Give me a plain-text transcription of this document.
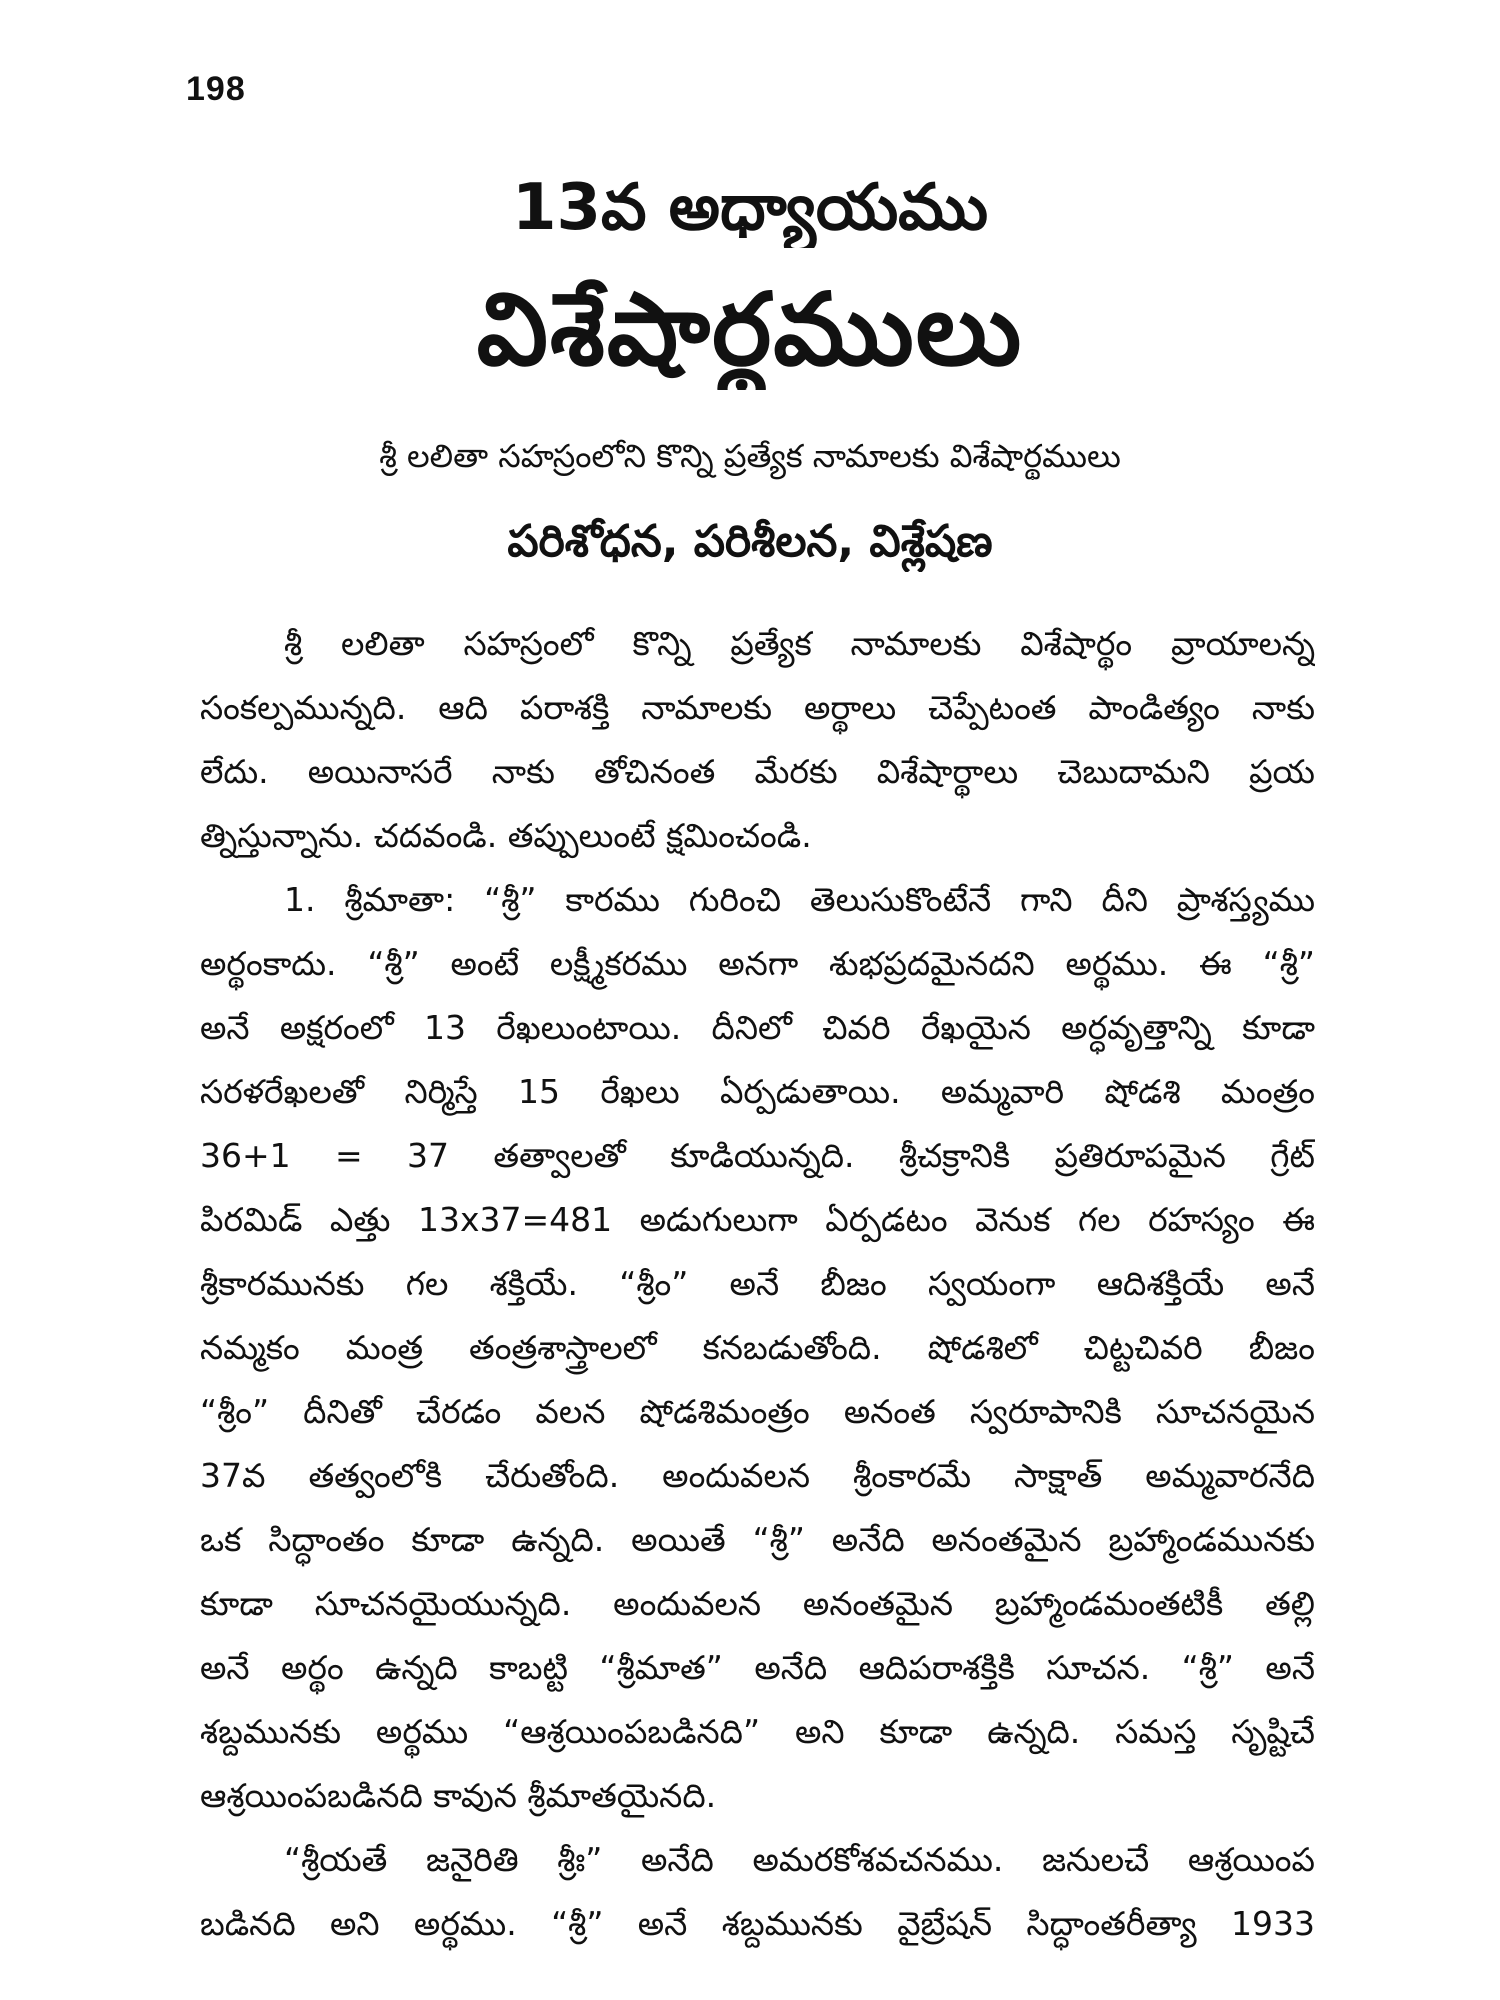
198
13వ అధ్యాయము
విశేషార్థములు
శ్రీ లలితా సహస్రంలోని కొన్ని ప్రత్యేక నామాలకు విశేషార్థములు
పరిశోధన, పరిశీలన, విశ్లేషణ
శ్రీ లలితా సహస్రంలో కొన్ని ప్రత్యేక నామాలకు విశేషార్థం వ్రాయాలన్న
సంకల్పమున్నది. ఆది పరాశక్తి నామాలకు అర్థాలు చెప్పేటంత పాండిత్యం నాకు
లేదు. అయినాసరే నాకు తోచినంత మేరకు విశేషార్థాలు చెబుదామని ప్రయ
త్నిస్తున్నాను. చదవండి. తప్పులుంటే క్షమించండి.
1. శ్రీమాతా: “శ్రీ” కారము గురించి తెలుసుకొంటేనే గాని దీని ప్రాశస్త్యము
అర్థంకాదు. “శ్రీ” అంటే లక్ష్మీకరము అనగా శుభప్రదమైనదని అర్థము. ఈ “శ్రీ”
అనే అక్షరంలో 13 రేఖలుంటాయి. దీనిలో చివరి రేఖయైన అర్ధవృత్తాన్ని కూడా
సరళరేఖలతో నిర్మిస్తే 15 రేఖలు ఏర్పడుతాయి. అమ్మవారి షోడశి మంత్రం
36+1 = 37 తత్వాలతో కూడియున్నది. శ్రీచక్రానికి ప్రతిరూపమైన గ్రేట్
పిరమిడ్ ఎత్తు 13x37=481 అడుగులుగా ఏర్పడటం వెనుక గల రహస్యం ఈ
శ్రీకారమునకు గల శక్తియే. “శ్రీం” అనే బీజం స్వయంగా ఆదిశక్తియే అనే
నమ్మకం మంత్ర తంత్రశాస్త్రాలలో కనబడుతోంది. షోడశిలో చిట్టచివరి బీజం
“శ్రీం” దీనితో చేరడం వలన షోడశిమంత్రం అనంత స్వరూపానికి సూచనయైన
37వ తత్వంలోకి చేరుతోంది. అందువలన శ్రీంకారమే సాక్షాత్ అమ్మవారనేది
ఒక సిద్ధాంతం కూడా ఉన్నది. అయితే “శ్రీ” అనేది అనంతమైన బ్రహ్మాండమునకు
కూడా సూచనయైయున్నది. అందువలన అనంతమైన బ్రహ్మాండమంతటికీ తల్లి
అనే అర్థం ఉన్నది కాబట్టి “శ్రీమాత” అనేది ఆదిపరాశక్తికి సూచన. “శ్రీ” అనే
శబ్దమునకు అర్థము “ఆశ్రయింపబడినది” అని కూడా ఉన్నది. సమస్త సృష్టిచే
ఆశ్రయింపబడినది కావున శ్రీమాతయైనది.
“శ్రీయతే జనైరితి శ్రీః” అనేది అమరకోశవచనము. జనులచే ఆశ్రయింప
బడినది అని అర్థము. “శ్రీ” అనే శబ్దమునకు వైబ్రేషన్ సిద్ధాంతరీత్యా 1933
